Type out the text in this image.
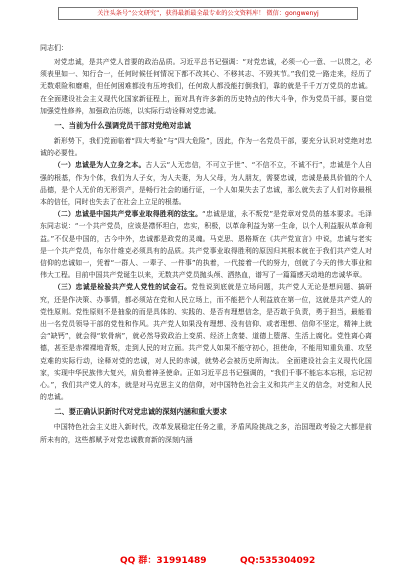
关注头条号“公文研究”，获得最新最全最专业的公文资料库！ 微信：gongwenyj
同志们：

对党忠诚，是共产党人首要的政治品质。习近平总书记强调：“对党忠诚，必须一心一意、一以贯之，必须表里如一、知行合一，任何时候任何情况下都不改其心、不移其志、不毁其节。”我们党一路走来，经历了无数艰险和磨难，但任何困难都没有压垮我们，任何敌人都没能打倒我们，靠的就是千千万万党员的忠诚。在全面建设社会主义现代化国家新征程上，面对具有许多新的历史特点的伟大斗争，作为党员干部，要自觉加强党性修养，加强政治历练，以实际行动诠释对党忠诚。

一、当前为什么强调党员干部对党绝对忠诚

新形势下，我们党面临着“四大考验”与“四大危险”，因此，作为一名党员干部，要充分认识对党绝对忠诚的必要性。

（一）忠诚是为人立身之本。古人云“人无忠信，不可立于世”、“不信不立，不诚不行”，忠诚是个人自强的根基，作为个体，我们为人子女，为人夫妻，为人父母，为人朋友，需要忠诚，忠诚是最具价值的个人品德，是个人无价的无形资产，是畅行社会的通行证，一个人如果失去了忠诚，那么就失去了人们对你最根本的信任，同时也失去了在社会上立足的根基。

（二）忠诚是中国共产党事业取得胜利的法宝。“忠诚是道，永不叛党”是党章对党员的基本要求。毛泽东同志说：“一个共产党员，应该是襟怀坦白，忠实，积极，以革命利益为第一生命，以个人利益服从革命利益。”不仅是中国的，古今中外，忠诚都是政党的灵魂。马克思、恩格斯在《共产党宣言》中说，忠诚与老实是一个共产党员，布尔什维克必须具有的品质。共产党事业取得胜利的原因归其根本就在于我们共产党人对信仰的忠诚如一，凭着“一群人、一辈子、一件事”的执着，一代接着一代的努力，创就了今天的伟大事业和伟大工程。目前中国共产党诞生以来，无数共产党员抛头颅、洒热血，谱写了一篇篇感天动地的忠诚华章。

（三）忠诚是检验共产党人党性的试金石。党性说到底就是立场问题，共产党人无论是想问题、搞研究，还是作决策、办事情，都必须站在党和人民立场上，而不能把个人利益放在第一位，这就是共产党人的党性原则。党性原则不是抽象的而是具体的、实践的、是否有理想信念，是否敢于负责，勇于担当，最能看出一名党员领导干部的党性和作风。共产党人如果没有理想、没有信仰、或者理想、信仰不坚定，精神上就会“缺钙”，就会得“软骨病”，就必然导致政治上变质、经济上贪婪、道德上堕落、生活上腐化。党性离心离德，甚至是赤裸裸地背叛，走到人民的对立面。共产党人如果不能守初心，担使命，不能用知重负重、攻坚克难的实际行动，诠释对党的忠诚，对人民的赤诚，就势必会被历史所淘汰。 全面建设社会主义现代化国家，实现中华民族伟大复兴，肩负着神圣使命。正如习近平总书记强调的，“我们千事不能忘本忘根，忘记初心。”，我们共产党人的本，就是对马克思主义的信仰，对中国特色社会主义和共产主义的信念，对党和人民的忠诚。

二、要正确认识新时代对党忠诚的深刻内涵和重大要求

中国特色社会主义进入新时代，改革发展稳定任务之重，矛盾风险挑战之多，治国理政考验之大都是前所未有的，这些都赋予对党忠诚教育新的深刻内涵

QQ 群：31991489	QQ:535304092
